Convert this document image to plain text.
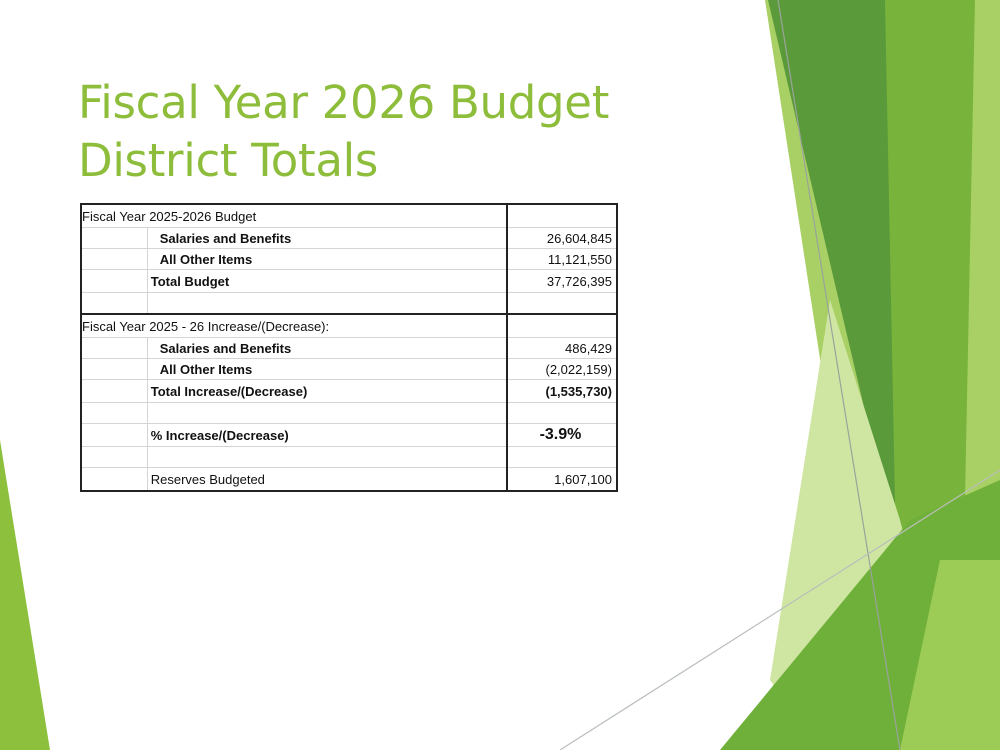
Fiscal Year 2026 Budget
District Totals
Fiscal Year 2025-2026 Budget		
	Salaries and Benefits	26,604,845
	All Other Items	11,121,550
	Total Budget	37,726,395

Fiscal Year 2025 - 26 Increase/(Decrease):		
	Salaries and Benefits	486,429
	All Other Items	(2,022,159)
	Total Increase/(Decrease)	(1,535,730)

	% Increase/(Decrease)	-3.9%

	Reserves Budgeted	1,607,100
